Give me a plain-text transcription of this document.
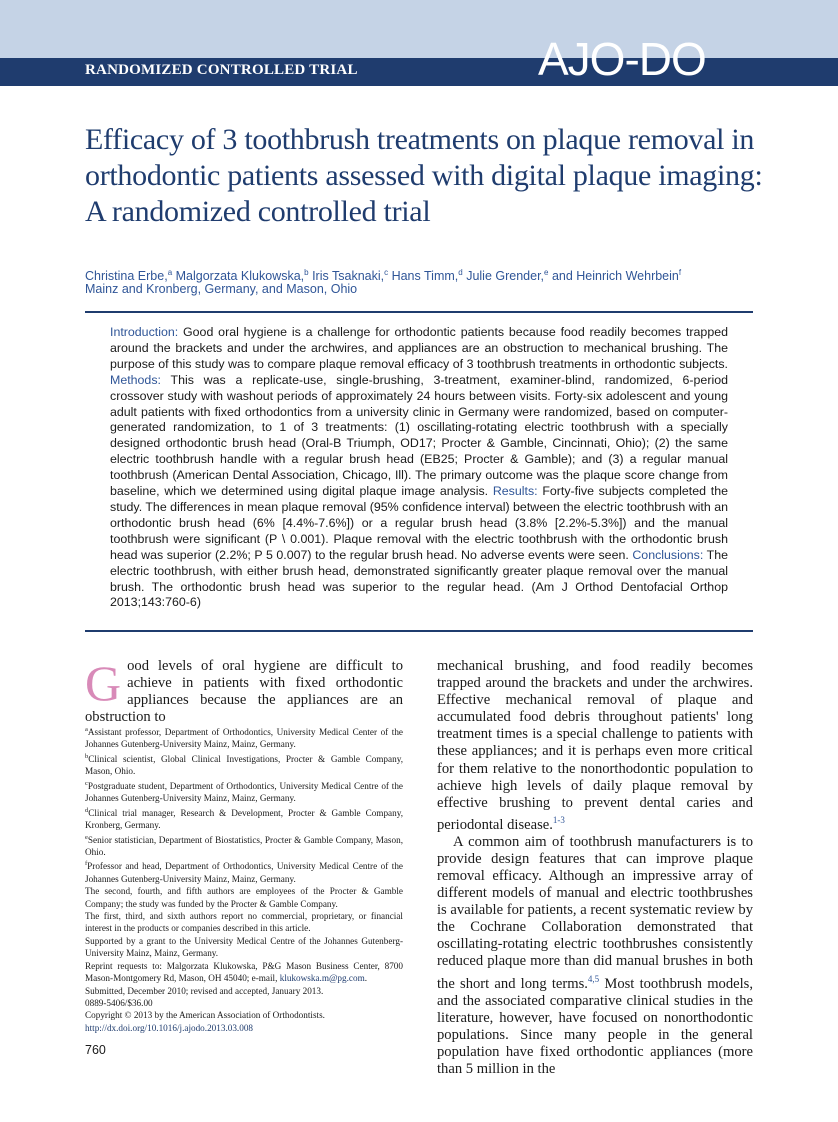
RANDOMIZED CONTROLLED TRIAL	AJO-DO
Efficacy of 3 toothbrush treatments on plaque removal in orthodontic patients assessed with digital plaque imaging: A randomized controlled trial
Christina Erbe,$^a$ Malgorzata Klukowska,$^b$ Iris Tsaknaki,$^c$ Hans Timm,$^d$ Julie Grender,$^e$ and Heinrich Wehrbein$^f$
Mainz and Kronberg, Germany, and Mason, Ohio
Introduction: Good oral hygiene is a challenge for orthodontic patients because food readily becomes trapped around the brackets and under the archwires, and appliances are an obstruction to mechanical brushing. The purpose of this study was to compare plaque removal efficacy of 3 toothbrush treatments in orthodontic subjects. Methods: This was a replicate-use, single-brushing, 3-treatment, examiner-blind, randomized, 6-period crossover study with washout periods of approximately 24 hours between visits. Forty-six adolescent and young adult patients with fixed orthodontics from a university clinic in Germany were randomized, based on computer-generated randomization, to 1 of 3 treatments: (1) oscillating-rotating electric toothbrush with a specially designed orthodontic brush head (Oral-B Triumph, OD17; Procter & Gamble, Cincinnati, Ohio); (2) the same electric toothbrush handle with a regular brush head (EB25; Procter & Gamble); and (3) a regular manual toothbrush (American Dental Association, Chicago, Ill). The primary outcome was the plaque score change from baseline, which we determined using digital plaque image analysis. Results: Forty-five subjects completed the study. The differences in mean plaque removal (95% confidence interval) between the electric toothbrush with an orthodontic brush head (6% [4.4%-7.6%]) or a regular brush head (3.8% [2.2%-5.3%]) and the manual toothbrush were significant (P \ 0.001). Plaque removal with the electric toothbrush with the orthodontic brush head was superior (2.2%; P 5 0.007) to the regular brush head. No adverse events were seen. Conclusions: The electric toothbrush, with either brush head, demonstrated significantly greater plaque removal over the manual brush. The orthodontic brush head was superior to the regular head. (Am J Orthod Dentofacial Orthop 2013;143:760-6)

Good levels of oral hygiene are difficult to achieve in patients with fixed orthodontic appliances because the appliances are an obstruction to

$^a$Assistant professor, Department of Orthodontics, University Medical Center of the Johannes Gutenberg-University Mainz, Mainz, Germany.

$^b$Clinical scientist, Global Clinical Investigations, Procter & Gamble Company, Mason, Ohio.

$^c$Postgraduate student, Department of Orthodontics, University Medical Centre of the Johannes Gutenberg-University Mainz, Mainz, Germany.

$^d$Clinical trial manager, Research & Development, Procter & Gamble Company, Kronberg, Germany.

$^e$Senior statistician, Department of Biostatistics, Procter & Gamble Company, Mason, Ohio.

$^f$Professor and head, Department of Orthodontics, University Medical Centre of the Johannes Gutenberg-University Mainz, Mainz, Germany.

The second, fourth, and fifth authors are employees of the Procter & Gamble Company; the study was funded by the Procter & Gamble Company.

The first, third, and sixth authors report no commercial, proprietary, or financial interest in the products or companies described in this article.

Supported by a grant to the University Medical Centre of the Johannes Gutenberg-University Mainz, Mainz, Germany.

Reprint requests to: Malgorzata Klukowska, P&G Mason Business Center, 8700 Mason-Montgomery Rd, Mason, OH 45040; e-mail, klukowska.m@pg.com.

Submitted, December 2010; revised and accepted, January 2013.

0889-5406/$36.00

Copyright © 2013 by the American Association of Orthodontists.

http://dx.doi.org/10.1016/j.ajodo.2013.03.008

mechanical brushing, and food readily becomes trapped around the brackets and under the archwires. Effective mechanical removal of plaque and accumulated food debris throughout patients' long treatment times is a special challenge to patients with these appliances; and it is perhaps even more critical for them relative to the nonorthodontic population to achieve high levels of daily plaque removal by effective brushing to prevent dental caries and periodontal disease.$^{1-3}$

A common aim of toothbrush manufacturers is to provide design features that can improve plaque removal efficacy. Although an impressive array of different models of manual and electric toothbrushes is available for patients, a recent systematic review by the Cochrane Collaboration demonstrated that oscillating-rotating electric toothbrushes consistently reduced plaque more than did manual brushes in both the short and long terms.$^{4,5}$ Most toothbrush models, and the associated comparative clinical studies in the literature, however, have focused on nonorthodontic populations. Since many people in the general population have fixed orthodontic appliances (more than 5 million in the

760
